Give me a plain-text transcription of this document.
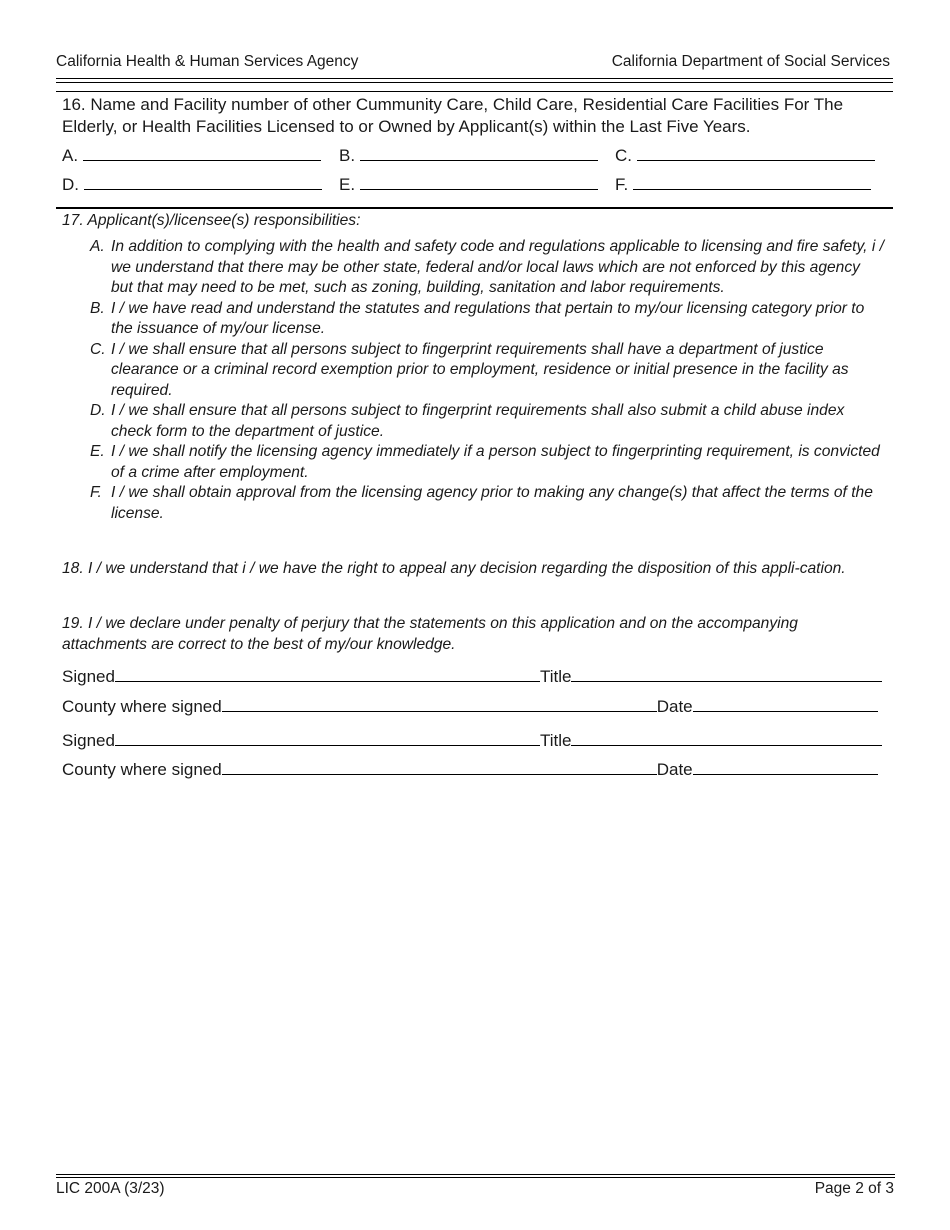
California Health & Human Services Agency	California Department of Social Services
16. Name and Facility number of other Cummunity Care, Child Care, Residential Care Facilities For The Elderly, or Health Facilities Licensed to or Owned by Applicant(s) within the Last Five Years.
A.	B.	C.
D.	E.	F.
17. Applicant(s)/licensee(s) responsibilities:
A. In addition to complying with the health and safety code and regulations applicable to licensing and fire safety, i / we understand that there may be other state, federal and/or local laws which are not enforced by this agency but that may need to be met, such as zoning, building, sanitation and labor requirements.
B. I / we have read and understand the statutes and regulations that pertain to my/our licensing category prior to the issuance of my/our license.
C. I / we shall ensure that all persons subject to fingerprint requirements shall have a department of justice clearance or a criminal record exemption prior to employment, residence or initial presence in the facility as required.
D. I / we shall ensure that all persons subject to fingerprint requirements shall also submit a child abuse index check form to the department of justice.
E. I / we shall notify the licensing agency immediately if a person subject to fingerprinting requirement, is convicted of a crime after employment.
F. I / we shall obtain approval from the licensing agency prior to making any change(s) that affect the terms of the license.
18. I / we understand that i / we have the right to appeal any decision regarding the disposition of this appli-cation.
19. I / we declare under penalty of perjury that the statements on this application and on the accompanying attachments are correct to the best of my/our knowledge.
Signed	Title
County where signed	Date
Signed	Title
County where signed	Date
LIC 200A (3/23)	Page 2 of 3
